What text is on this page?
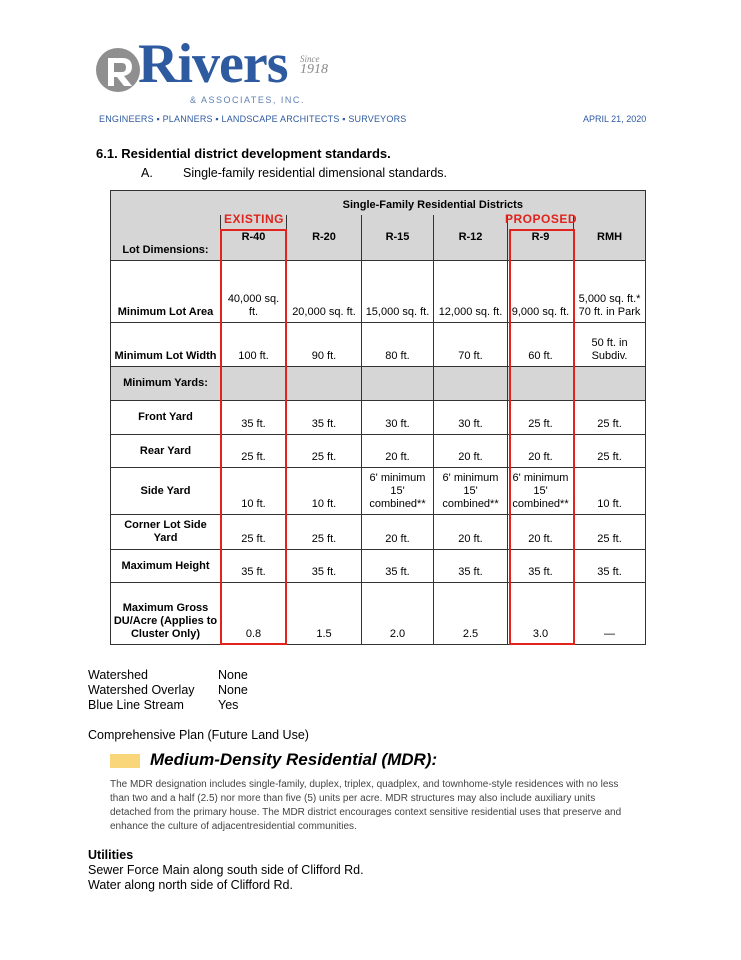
Rivers Since
1918
& ASSOCIATES, INC.
ENGINEERS ▪ PLANNERS ▪ LANDSCAPE ARCHITECTS ▪ SURVEYORS	APRIL 21, 2020
6.1. Residential district development standards.
A. Single-family residential dimensional standards.
	Single-Family Residential Districts					
Lot Dimensions:	R-40	R-20	R-15	R-12	R-9	RMH
Minimum Lot Area	40,000 sq. ft.	20,000 sq. ft.	15,000 sq. ft.	12,000 sq. ft.	9,000 sq. ft.	5,000 sq. ft.* 70 ft. in Park
Minimum Lot Width	100 ft.	90 ft.	80 ft.	70 ft.	60 ft.	50 ft. in Subdiv.
Minimum Yards:						
Front Yard	35 ft.	35 ft.	30 ft.	30 ft.	25 ft.	25 ft.
Rear Yard	25 ft.	25 ft.	20 ft.	20 ft.	20 ft.	25 ft.
Side Yard	10 ft.	10 ft.	6' minimum 15' combined**	6' minimum 15' combined**	6' minimum 15' combined**	10 ft.
Corner Lot Side Yard	25 ft.	25 ft.	20 ft.	20 ft.	20 ft.	25 ft.
Maximum Height	35 ft.	35 ft.	35 ft.	35 ft.	35 ft.	35 ft.
Maximum Gross DU/Acre (Applies to Cluster Only)	0.8	1.5	2.0	2.5	3.0	—
EXISTING	PROPOSED
Watershed	None
Watershed Overlay None
Blue Line Stream	Yes
Comprehensive Plan (Future Land Use)
Medium-Density Residential (MDR):
The MDR designation includes single-family, duplex, triplex, quadplex, and townhome-style residences with no less than two and a half (2.5) nor more than five (5) units per acre. MDR structures may also include auxiliary units detached from the primary house. The MDR district encourages context sensitive residential uses that preserve and enhance the culture of adjacentresidential communities.
Utilities
Sewer Force Main along south side of Clifford Rd.
Water along north side of Clifford Rd.
